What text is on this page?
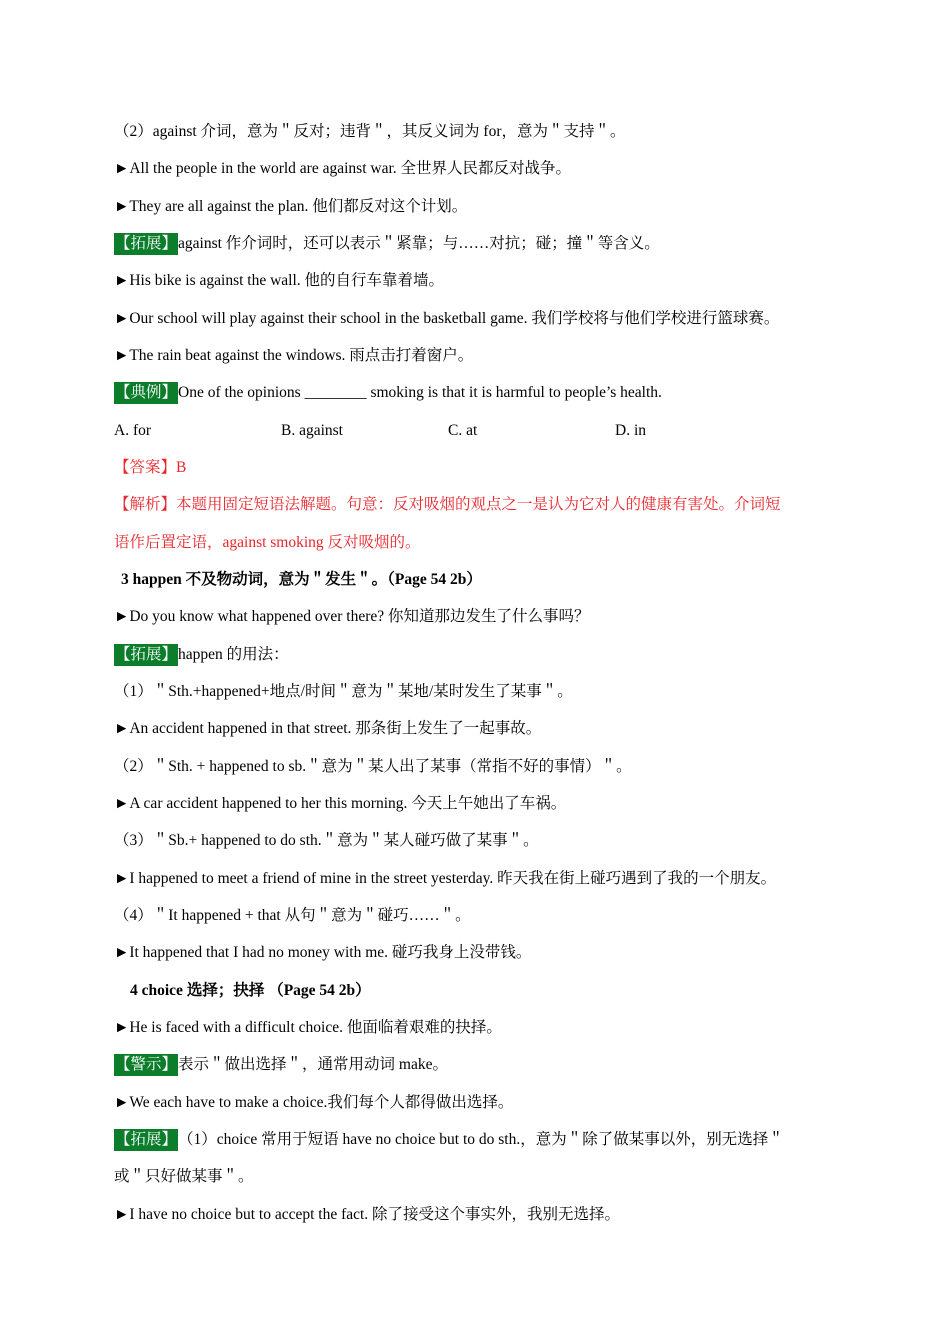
（2）against 介词，意为＂反对；违背＂，其反义词为 for，意为＂支持＂。
►All the people in the world are against war. 全世界人民都反对战争。
►They are all against the plan. 他们都反对这个计划。
【拓展】against 作介词时，还可以表示＂紧靠；与……对抗；碰；撞＂等含义。
►His bike is against the wall. 他的自行车靠着墙。
►Our school will play against their school in the basketball game. 我们学校将与他们学校进行篮球赛。
►The rain beat against the windows. 雨点击打着窗户。
【典例】One of the opinions ________ smoking is that it is harmful to people’s health.
A. for	B. against	C. at	D. in
【答案】B
【解析】本题用固定短语法解题。句意：反对吸烟的观点之一是认为它对人的健康有害处。介词短
语作后置定语，against smoking 反对吸烟的。
3 happen 不及物动词，意为＂发生＂。（Page 54 2b）
►Do you know what happened over there? 你知道那边发生了什么事吗？
【拓展】happen 的用法：
（1）＂Sth.+happened+地点/时间＂意为＂某地/某时发生了某事＂。
►An accident happened in that street. 那条街上发生了一起事故。
（2）＂Sth. + happened to sb.＂意为＂某人出了某事（常指不好的事情）＂。
►A car accident happened to her this morning. 今天上午她出了车祸。
（3）＂Sb.+ happened to do sth.＂意为＂某人碰巧做了某事＂。
►I happened to meet a friend of mine in the street yesterday. 昨天我在街上碰巧遇到了我的一个朋友。
（4）＂It happened + that 从句＂意为＂碰巧……＂。
►It happened that I had no money with me. 碰巧我身上没带钱。
4 choice 选择；抉择 （Page 54 2b）
►He is faced with a difficult choice. 他面临着艰难的抉择。
【警示】表示＂做出选择＂，通常用动词 make。
►We each have to make a choice.我们每个人都得做出选择。
【拓展】（1）choice 常用于短语 have no choice but to do sth.，意为＂除了做某事以外，别无选择＂
或＂只好做某事＂。
►I have no choice but to accept the fact. 除了接受这个事实外，我别无选择。
